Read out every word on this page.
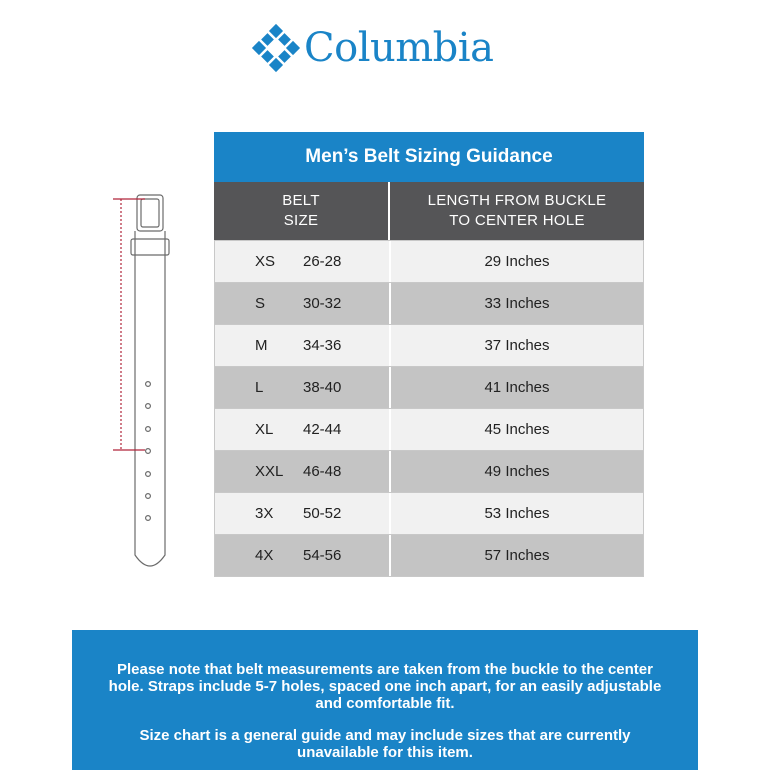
Columbia
Men’s Belt Sizing Guidance
BELT
SIZE
LENGTH FROM BUCKLE
TO CENTER HOLE
XS	26-28	29 Inches
S	30-32	33 Inches
M	34-36	37 Inches
L	38-40	41 Inches
XL	42-44	45 Inches
XXL	46-48	49 Inches
3X	50-52	53 Inches
4X	54-56	57 Inches

Please note that belt measurements are taken from the buckle to the center hole. Straps include 5-7 holes, spaced one inch apart, for an easily adjustable and comfortable fit.

Size chart is a general guide and may include sizes that are currently unavailable for this item.
